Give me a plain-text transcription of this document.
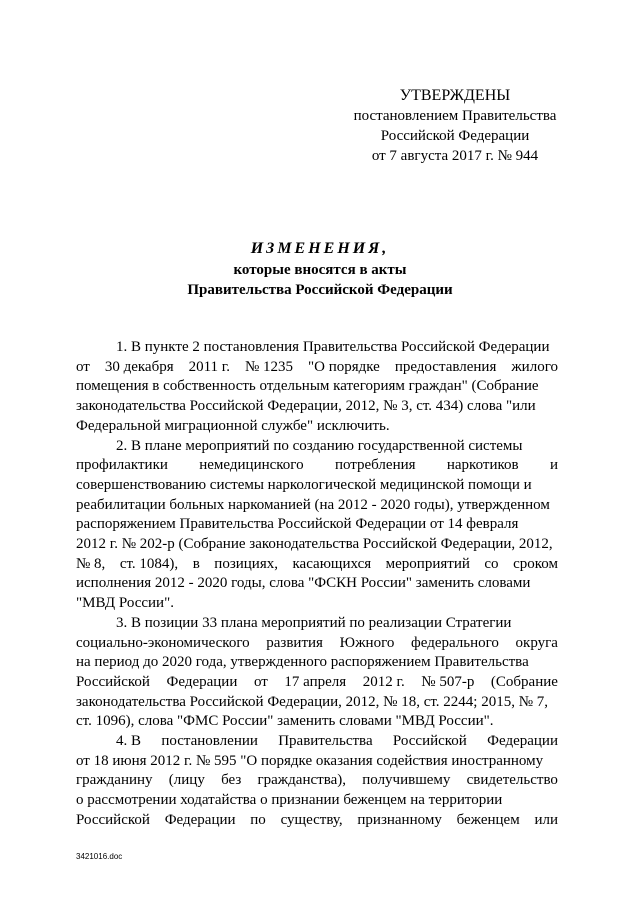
УТВЕРЖДЕНЫ
постановлением Правительства
Российской Федерации
от 7 августа 2017 г. № 944
ИЗМЕНЕНИЯ,
которые вносятся в акты
Правительства Российской Федерации
1. В пункте 2 постановления Правительства Российской Федерации
от 30 декабря 2011 г. № 1235 "О порядке предоставления жилого
помещения в собственность отдельным категориям граждан" (Собрание
законодательства Российской Федерации, 2012, № 3, ст. 434) слова "или
Федеральной миграционной службе" исключить.
2. В плане мероприятий по созданию государственной системы
профилактики немедицинского потребления наркотиков и
совершенствованию системы наркологической медицинской помощи и
реабилитации больных наркоманией (на 2012 - 2020 годы), утвержденном
распоряжением Правительства Российской Федерации от 14 февраля
2012 г. № 202-р (Собрание законодательства Российской Федерации, 2012,
№ 8, ст. 1084), в позициях, касающихся мероприятий со сроком
исполнения 2012 - 2020 годы, слова "ФСКН России" заменить словами
"МВД России".
3. В позиции 33 плана мероприятий по реализации Стратегии
социально-экономического развития Южного федерального округа
на период до 2020 года, утвержденного распоряжением Правительства
Российской Федерации от 17 апреля 2012 г. № 507-р (Собрание
законодательства Российской Федерации, 2012, № 18, ст. 2244; 2015, № 7,
ст. 1096), слова "ФМС России" заменить словами "МВД России".
4. В постановлении Правительства Российской Федерации
от 18 июня 2012 г. № 595 "О порядке оказания содействия иностранному
гражданину (лицу без гражданства), получившему свидетельство
о рассмотрении ходатайства о признании беженцем на территории
Российской Федерации по существу, признанному беженцем или
3421016.doc
